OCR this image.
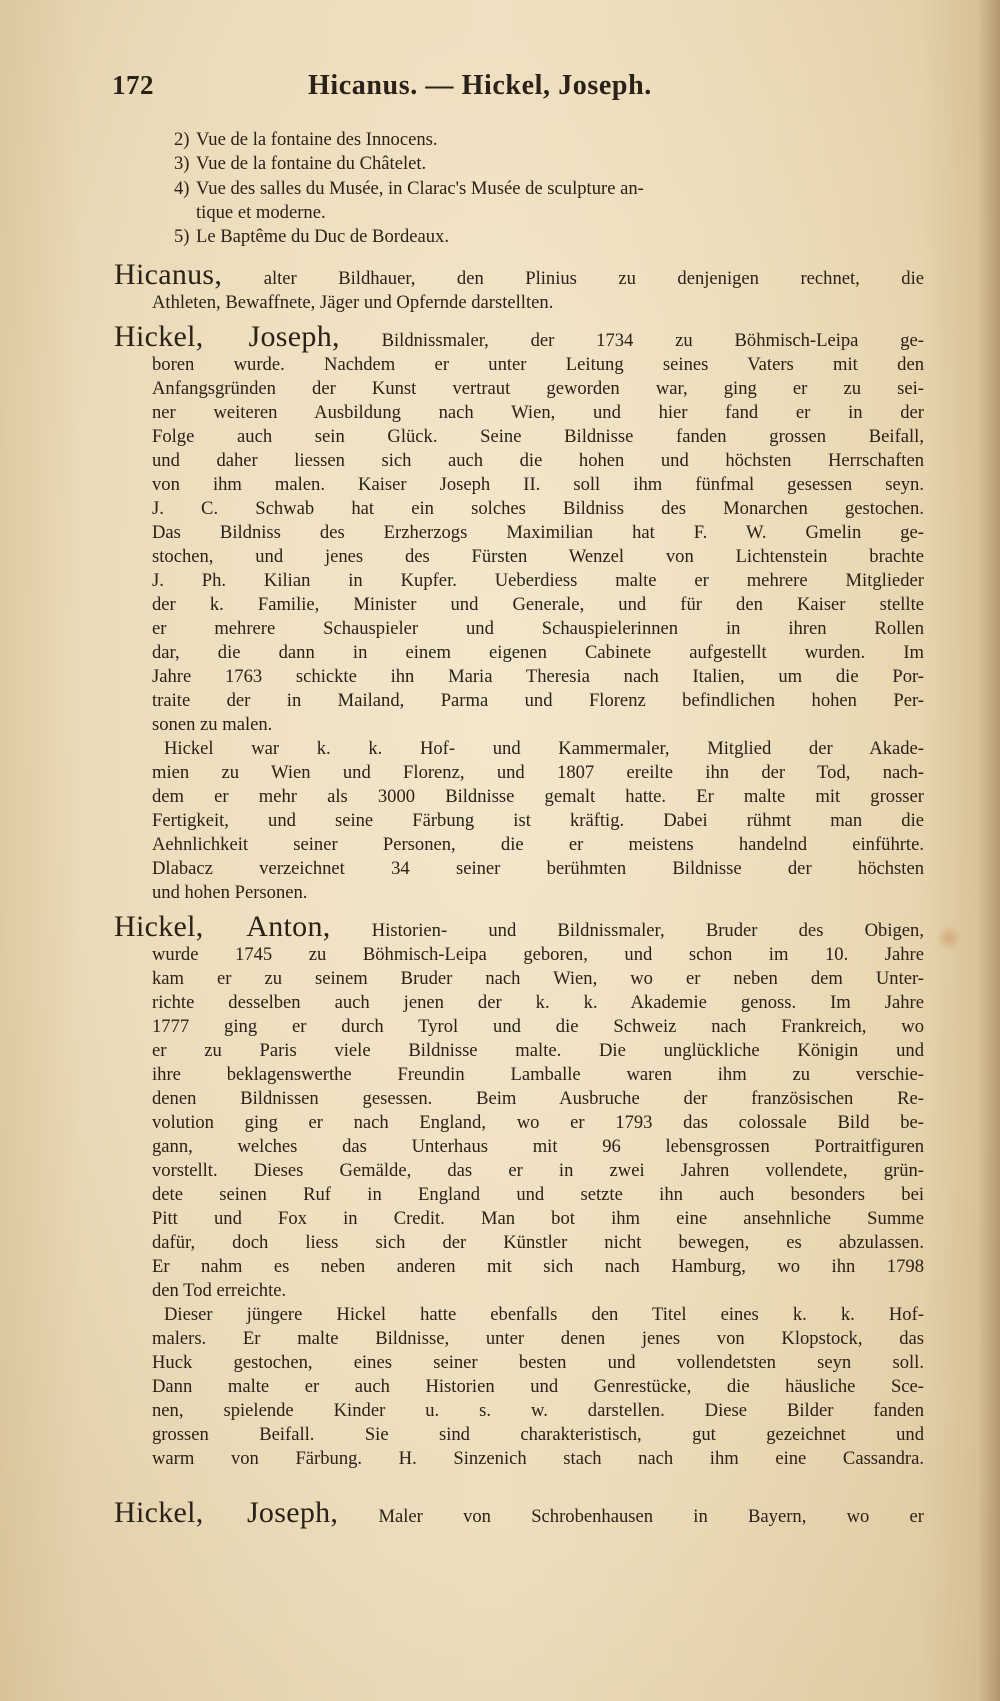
172	Hicanus. — Hickel, Joseph.
2) Vue de la fontaine des Innocens.
3) Vue de la fontaine du Châtelet.
4) Vue des salles du Musée, in Clarac's Musée de sculpture an-
tique et moderne.
5) Le Baptême du Duc de Bordeaux.
Hicanus, alter Bildhauer, den Plinius zu denjenigen rechnet, die
Athleten, Bewaffnete, Jäger und Opfernde darstellten.
Hickel, Joseph, Bildnissmaler, der 1734 zu Böhmisch-Leipa ge-
boren wurde. Nachdem er unter Leitung seines Vaters mit den
Anfangsgründen der Kunst vertraut geworden war, ging er zu sei-
ner weiteren Ausbildung nach Wien, und hier fand er in der
Folge auch sein Glück. Seine Bildnisse fanden grossen Beifall,
und daher liessen sich auch die hohen und höchsten Herrschaften
von ihm malen. Kaiser Joseph II. soll ihm fünfmal gesessen seyn.
J. C. Schwab hat ein solches Bildniss des Monarchen gestochen.
Das Bildniss des Erzherzogs Maximilian hat F. W. Gmelin ge-
stochen, und jenes des Fürsten Wenzel von Lichtenstein brachte
J. Ph. Kilian in Kupfer. Ueberdiess malte er mehrere Mitglieder
der k. Familie, Minister und Generale, und für den Kaiser stellte
er mehrere Schauspieler und Schauspielerinnen in ihren Rollen
dar, die dann in einem eigenen Cabinete aufgestellt wurden. Im
Jahre 1763 schickte ihn Maria Theresia nach Italien, um die Por-
traite der in Mailand, Parma und Florenz befindlichen hohen Per-
sonen zu malen.
Hickel war k. k. Hof- und Kammermaler, Mitglied der Akade-
mien zu Wien und Florenz, und 1807 ereilte ihn der Tod, nach-
dem er mehr als 3000 Bildnisse gemalt hatte. Er malte mit grosser
Fertigkeit, und seine Färbung ist kräftig. Dabei rühmt man die
Aehnlichkeit seiner Personen, die er meistens handelnd einführte.
Dlabacz verzeichnet 34 seiner berühmten Bildnisse der höchsten
und hohen Personen.
Hickel, Anton, Historien- und Bildnissmaler, Bruder des Obigen,
wurde 1745 zu Böhmisch-Leipa geboren, und schon im 10. Jahre
kam er zu seinem Bruder nach Wien, wo er neben dem Unter-
richte desselben auch jenen der k. k. Akademie genoss. Im Jahre
1777 ging er durch Tyrol und die Schweiz nach Frankreich, wo
er zu Paris viele Bildnisse malte. Die unglückliche Königin und
ihre beklagenswerthe Freundin Lamballe waren ihm zu verschie-
denen Bildnissen gesessen. Beim Ausbruche der französischen Re-
volution ging er nach England, wo er 1793 das colossale Bild be-
gann, welches das Unterhaus mit 96 lebensgrossen Portraitfiguren
vorstellt. Dieses Gemälde, das er in zwei Jahren vollendete, grün-
dete seinen Ruf in England und setzte ihn auch besonders bei
Pitt und Fox in Credit. Man bot ihm eine ansehnliche Summe
dafür, doch liess sich der Künstler nicht bewegen, es abzulassen.
Er nahm es neben anderen mit sich nach Hamburg, wo ihn 1798
den Tod erreichte.
Dieser jüngere Hickel hatte ebenfalls den Titel eines k. k. Hof-
malers. Er malte Bildnisse, unter denen jenes von Klopstock, das
Huck gestochen, eines seiner besten und vollendetsten seyn soll.
Dann malte er auch Historien und Genrestücke, die häusliche Sce-
nen, spielende Kinder u. s. w. darstellen. Diese Bilder fanden
grossen Beifall. Sie sind charakteristisch, gut gezeichnet und
warm von Färbung. H. Sinzenich stach nach ihm eine Cassandra.
Hickel, Joseph, Maler von Schrobenhausen in Bayern, wo er
